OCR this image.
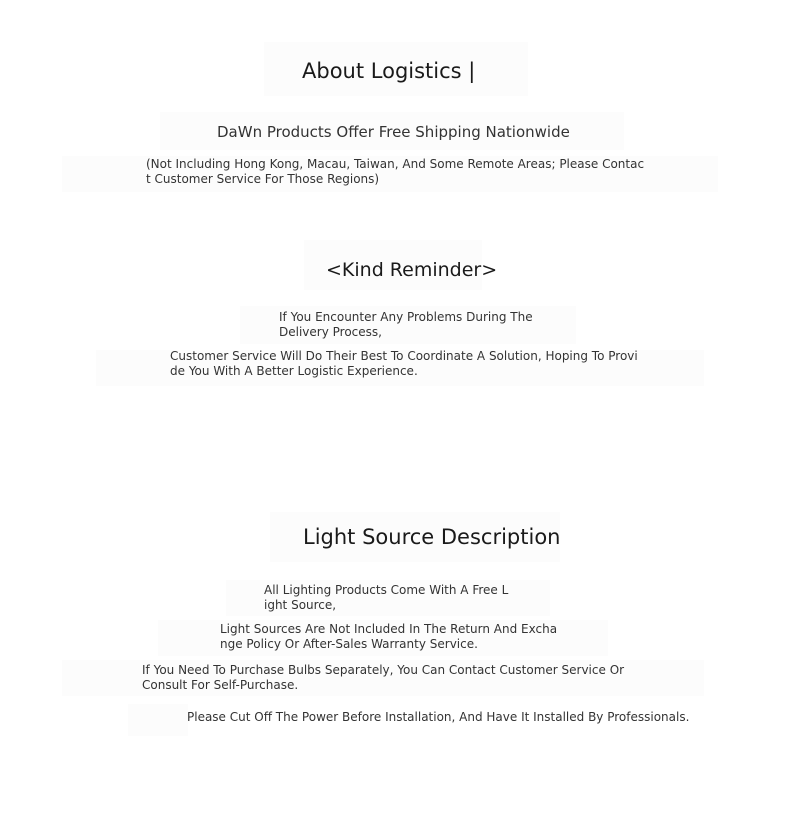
About Logistics |
DaWn Products Offer Free Shipping Nationwide
(Not Including Hong Kong, Macau, Taiwan, And Some Remote Areas; Please Contact Customer Service For Those Regions)
<Kind Reminder>
If You Encounter Any Problems During The Delivery Process,
Customer Service Will Do Their Best To Coordinate A Solution, Hoping To Provide You With A Better Logistic Experience.
Light Source Description
All Lighting Products Come With A Free Light Source,
Light Sources Are Not Included In The Return And Exchange Policy Or After-Sales Warranty Service.
If You Need To Purchase Bulbs Separately, You Can Contact Customer Service Or Consult For Self-Purchase.
Please Cut Off The Power Before Installation, And Have It Installed By Professionals.
